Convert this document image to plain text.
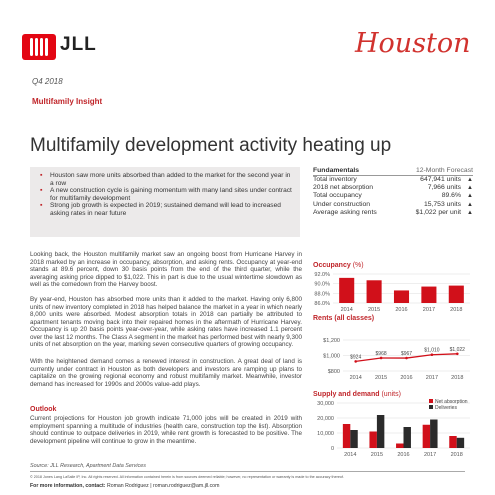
JLL	Houston
Q4 2018
Multifamily Insight
Multifamily development activity heating up
▪ Houston saw more units absorbed than added to the market for the second year in a row
▪ A new construction cycle is gaining momentum with many land sites under contract for multifamily development
▪ Strong job growth is expected in 2019; sustained demand will lead to increased asking rates in near future

Looking back, the Houston multifamily market saw an ongoing boost from Hurricane Harvey in 2018 marked by an increase in occupancy, absorption, and asking rents. Occupancy at year-end stands at 89.6 percent, down 30 basis points from the end of the third quarter, while the averaging asking price dipped to $1,022. This in part is due to the usual wintertime slowdown as well as the comedown from the Harvey boost.

By year-end, Houston has absorbed more units than it added to the market. Having only 6,800 units of new inventory completed in 2018 has helped balance the market in a year in which nearly 8,000 units were absorbed. Modest absorption totals in 2018 can partially be attributed to apartment tenants moving back into their repaired homes in the aftermath of Hurricane Harvey. Occupancy is up 20 basis points year-over-year, while asking rates have increased 1.1 percent over the last 12 months. The Class A segment in the market has performed best with nearly 9,300 units of net absorption on the year, marking seven consecutive quarters of growing occupancy.

With the heightened demand comes a renewed interest in construction. A great deal of land is currently under contract in Houston as both developers and investors are ramping up plans to capitalize on the growing regional economy and robust multifamily market. Meanwhile, investor demand has increased for 1990s and 2000s value-add plays.

Outlook

Current projections for Houston job growth indicate 71,000 jobs will be created in 2019 with employment spanning a multitude of industries (health care, construction top the list). Absorption should continue to outpace deliveries in 2019, while rent growth is forecasted to be positive. The development pipeline will continue to grow in the meantime.

Source: JLL Research, Apartment Data Services
© 2018 Jones Lang LaSalle IP, Inc. All rights reserved. All information contained herein is from sources deemed reliable; however, no representation or warranty is made to the accuracy thereof.
For more information, contact: Roman Rodriguez | roman.rodriguez@am.jll.com
Fundamentals	12-Month Forecast
Total inventory	647,941 units	▲
2018 net absorption	7,966 units	▲
Total occupancy	89.6%	▲
Under construction	15,753 units	▲
Average asking rents	$1,022 per unit	▲
Occupancy (%)
Rents (all classes)
Supply and demand (units)
92.0%
90.0%
88.0%
86.0%
2014	2015	2016	2017	2018
$1,200
$1,000
$800
2014 2015 2016 2017 2018
$924
$968	$967
$1,010 $1,022
30,000
20,000
10,000
0
2014	2015	2016	2017	2018
Net absorption
Deliveries
